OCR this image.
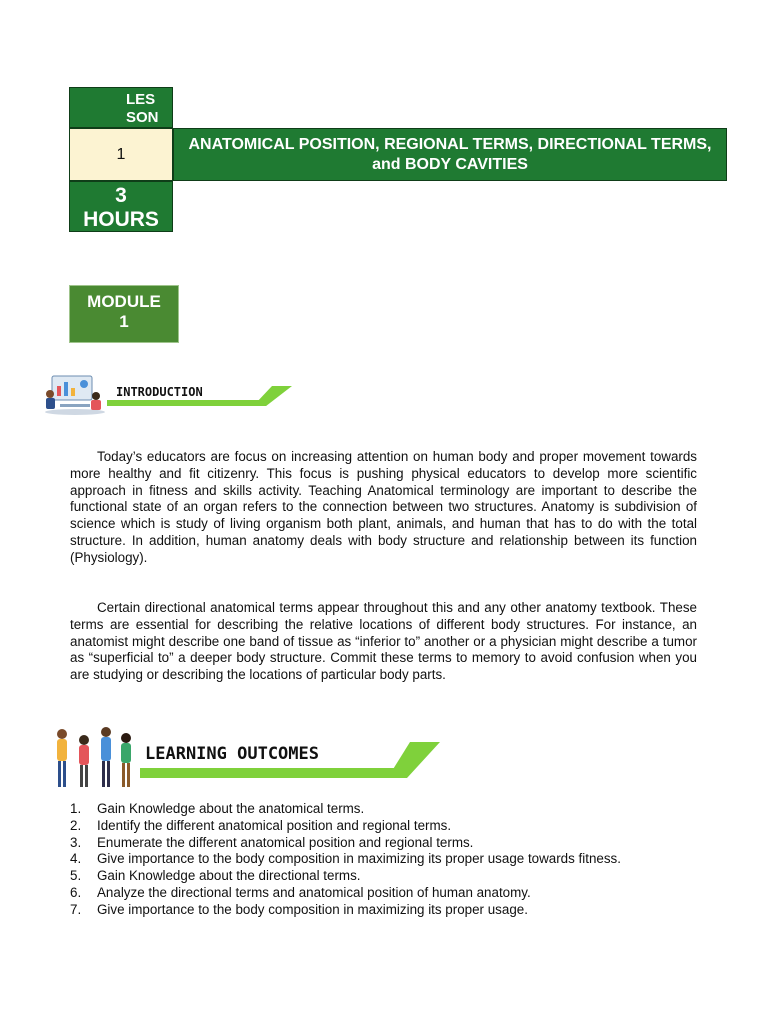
LES SON
1
ANATOMICAL POSITION, REGIONAL TERMS, DIRECTIONAL TERMS, and BODY CAVITIES
3
HOURS
MODULE
1
INTRODUCTION

Today’s educators are focus on increasing attention on human body and proper movement towards more healthy and fit citizenry. This focus is pushing physical educators to develop more scientific approach in fitness and skills activity. Teaching Anatomical terminology are important to describe the functional state of an organ refers to the connection between two structures. Anatomy is subdivision of science which is study of living organism both plant, animals, and human that has to do with the total structure. In addition, human anatomy deals with body structure and relationship between its function (Physiology).

Certain directional anatomical terms appear throughout this and any other anatomy textbook. These terms are essential for describing the relative locations of different body structures. For instance, an anatomist might describe one band of tissue as “inferior to” another or a physician might describe a tumor as “superficial to” a deeper body structure. Commit these terms to memory to avoid confusion when you are studying or describing the locations of particular body parts.

LEARNING OUTCOMES
1. Gain Knowledge about the anatomical terms.
2. Identify the different anatomical position and regional terms.
3. Enumerate the different anatomical position and regional terms.
4. Give importance to the body composition in maximizing its proper usage towards fitness.
5. Gain Knowledge about the directional terms.
6. Analyze the directional terms and anatomical position of human anatomy.
7. Give importance to the body composition in maximizing its proper usage.
